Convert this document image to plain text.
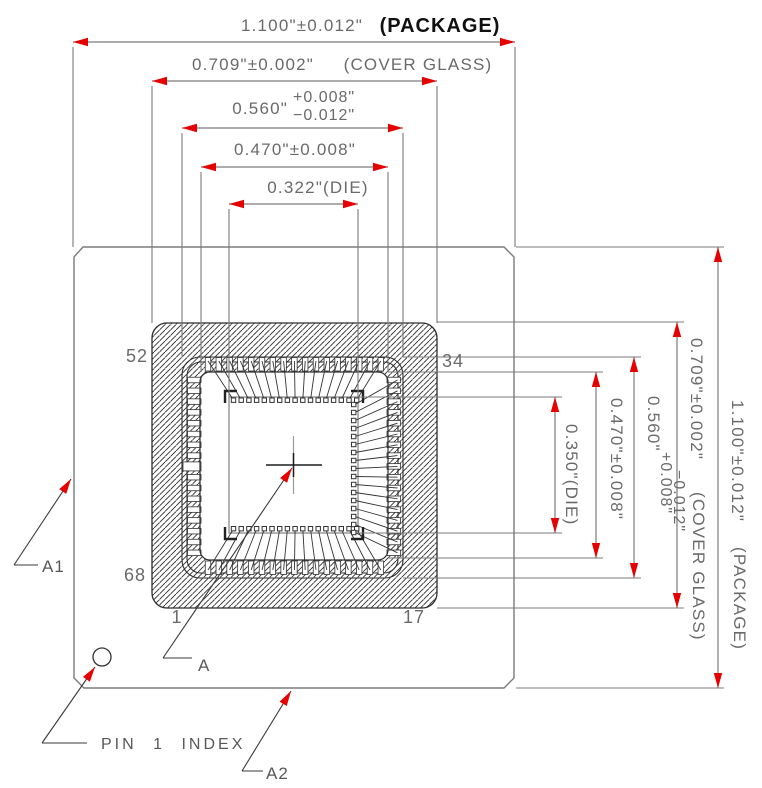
1.100"±0.012" (PACKAGE)
0.709"±0.002" (COVER GLASS)
0.560"
+0.008"
−0.012"
0.470"±0.008"
0.322"(DIE)
0.350"(DIE) 0.470"±0.008" 0.560"
+0.008"
−0.012"
0.709"±0.002"
(COVER GLASS)
1.100"±0.012"
(PACKAGE)
52	34
68
1	17
A1
A
A2
PIN 1 INDEX
